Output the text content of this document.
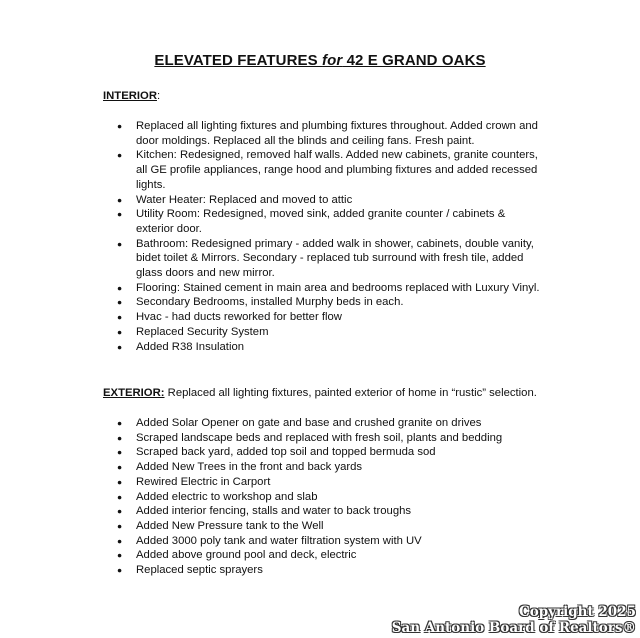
ELEVATED FEATURES for 42 E GRAND OAKS
INTERIOR:
● Replaced all lighting fixtures and plumbing fixtures throughout. Added crown and door moldings. Replaced all the blinds and ceiling fans. Fresh paint.
● Kitchen: Redesigned, removed half walls. Added new cabinets, granite counters, all GE profile appliances, range hood and plumbing fixtures and added recessed lights.
● Water Heater: Replaced and moved to attic
● Utility Room: Redesigned, moved sink, added granite counter / cabinets & exterior door.
● Bathroom: Redesigned primary - added walk in shower, cabinets, double vanity, bidet toilet & Mirrors. Secondary - replaced tub surround with fresh tile, added glass doors and new mirror.
● Flooring: Stained cement in main area and bedrooms replaced with Luxury Vinyl.
● Secondary Bedrooms, installed Murphy beds in each.
● Hvac - had ducts reworked for better flow
● Replaced Security System
● Added R38 Insulation
EXTERIOR: Replaced all lighting fixtures, painted exterior of home in “rustic” selection.
● Added Solar Opener on gate and base and crushed granite on drives
● Scraped landscape beds and replaced with fresh soil, plants and bedding
● Scraped back yard, added top soil and topped bermuda sod
● Added New Trees in the front and back yards
● Rewired Electric in Carport
● Added electric to workshop and slab
● Added interior fencing, stalls and water to back troughs
● Added New Pressure tank to the Well
● Added 3000 poly tank and water filtration system with UV
● Added above ground pool and deck, electric
● Replaced septic sprayers
Copyright 2025
San Antonio Board of Realtors®
